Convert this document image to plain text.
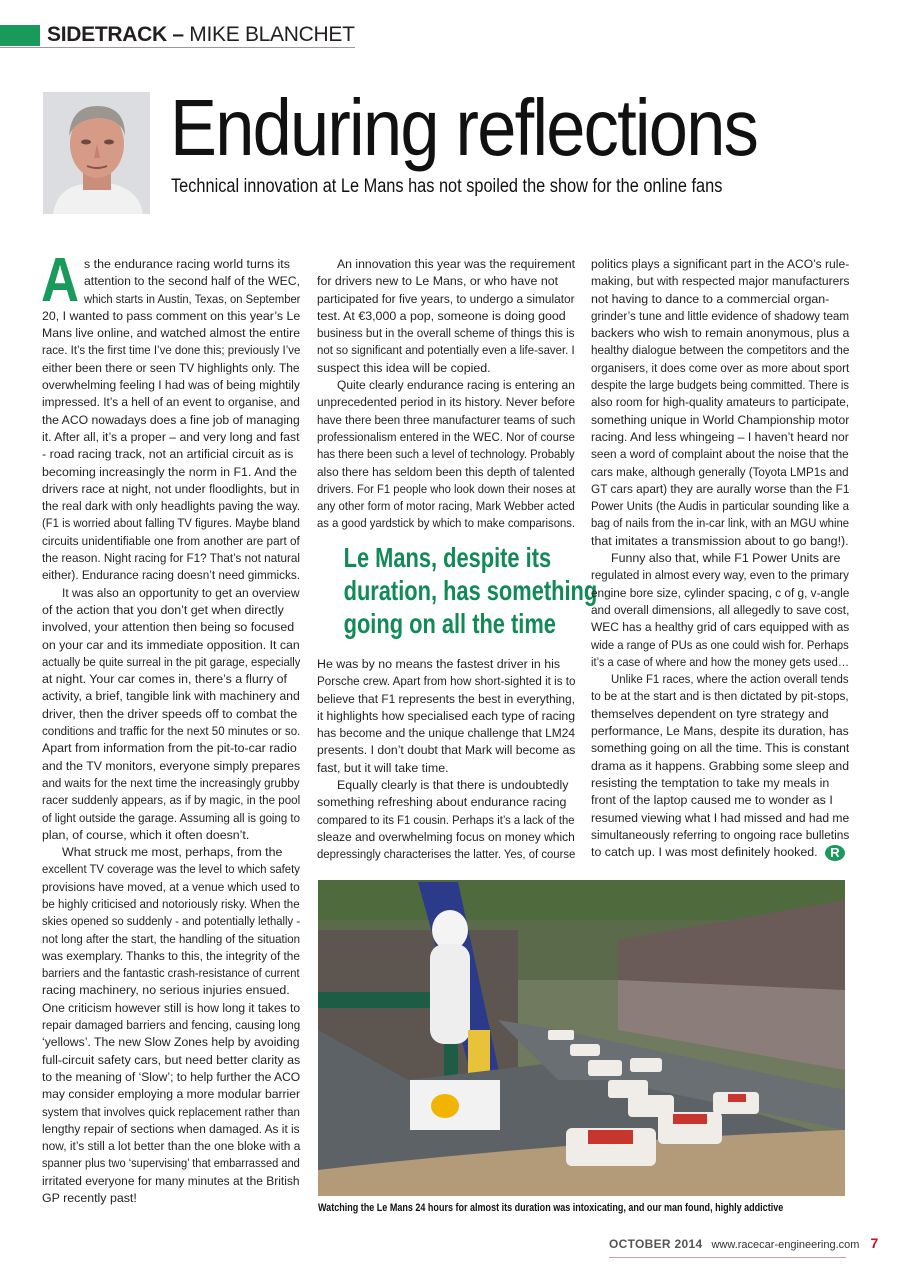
SIDETRACK – MIKE BLANCHET
Enduring reflections
Technical innovation at Le Mans has not spoiled the show for the online fans
A s the endurance racing world turns its
attention to the second half of the WEC,
which starts in Austin, Texas, on September
20, I wanted to pass comment on this year’s Le
Mans live online, and watched almost the entire
race. It’s the first time I’ve done this; previously I’ve
either been there or seen TV highlights only. The
overwhelming feeling I had was of being mightily
impressed. It’s a hell of an event to organise, and
the ACO nowadays does a fine job of managing
it. After all, it’s a proper – and very long and fast
- road racing track, not an artificial circuit as is
becoming increasingly the norm in F1. And the
drivers race at night, not under floodlights, but in
the real dark with only headlights paving the way.
(F1 is worried about falling TV figures. Maybe bland
circuits unidentifiable one from another are part of
the reason. Night racing for F1? That’s not natural
either). Endurance racing doesn’t need gimmicks.
It was also an opportunity to get an overview
of the action that you don’t get when directly
involved, your attention then being so focused
on your car and its immediate opposition. It can
actually be quite surreal in the pit garage, especially
at night. Your car comes in, there’s a flurry of
activity, a brief, tangible link with machinery and
driver, then the driver speeds off to combat the
conditions and traffic for the next 50 minutes or so.
Apart from information from the pit-to-car radio
and the TV monitors, everyone simply prepares
and waits for the next time the increasingly grubby
racer suddenly appears, as if by magic, in the pool
of light outside the garage. Assuming all is going to
plan, of course, which it often doesn’t.
What struck me most, perhaps, from the
excellent TV coverage was the level to which safety
provisions have moved, at a venue which used to
be highly criticised and notoriously risky. When the
skies opened so suddenly - and potentially lethally -
not long after the start, the handling of the situation
was exemplary. Thanks to this, the integrity of the
barriers and the fantastic crash-resistance of current
racing machinery, no serious injuries ensued.
One criticism however still is how long it takes to
repair damaged barriers and fencing, causing long
‘yellows’. The new Slow Zones help by avoiding
full-circuit safety cars, but need better clarity as
to the meaning of ‘Slow’; to help further the ACO
may consider employing a more modular barrier
system that involves quick replacement rather than
lengthy repair of sections when damaged. As it is
now, it’s still a lot better than the one bloke with a
spanner plus two ‘supervising’ that embarrassed and
irritated everyone for many minutes at the British
GP recently past!
An innovation this year was the requirement
for drivers new to Le Mans, or who have not
participated for five years, to undergo a simulator
test. At €3,000 a pop, someone is doing good
business but in the overall scheme of things this is
not so significant and potentially even a life-saver. I
suspect this idea will be copied.
Quite clearly endurance racing is entering an
unprecedented period in its history. Never before
have there been three manufacturer teams of such
professionalism entered in the WEC. Nor of course
has there been such a level of technology. Probably
also there has seldom been this depth of talented
drivers. For F1 people who look down their noses at
any other form of motor racing, Mark Webber acted
as a good yardstick by which to make comparisons.
Le Mans, despite its
duration, has something
going on all the time
He was by no means the fastest driver in his
Porsche crew. Apart from how short-sighted it is to
believe that F1 represents the best in everything,
it highlights how specialised each type of racing
has become and the unique challenge that LM24
presents. I don’t doubt that Mark will become as
fast, but it will take time.
Equally clearly is that there is undoubtedly
something refreshing about endurance racing
compared to its F1 cousin. Perhaps it’s a lack of the
sleaze and overwhelming focus on money which
depressingly characterises the latter. Yes, of course
politics plays a significant part in the ACO’s rule-
making, but with respected major manufacturers
not having to dance to a commercial organ-
grinder’s tune and little evidence of shadowy team
backers who wish to remain anonymous, plus a
healthy dialogue between the competitors and the
organisers, it does come over as more about sport
despite the large budgets being committed. There is
also room for high-quality amateurs to participate,
something unique in World Championship motor
racing. And less whingeing – I haven’t heard nor
seen a word of complaint about the noise that the
cars make, although generally (Toyota LMP1s and
GT cars apart) they are aurally worse than the F1
Power Units (the Audis in particular sounding like a
bag of nails from the in-car link, with an MGU whine
that imitates a transmission about to go bang!).
Funny also that, while F1 Power Units are
regulated in almost every way, even to the primary
engine bore size, cylinder spacing, c of g, v-angle
and overall dimensions, all allegedly to save cost,
WEC has a healthy grid of cars equipped with as
wide a range of PUs as one could wish for. Perhaps
it’s a case of where and how the money gets used…
Unlike F1 races, where the action overall tends
to be at the start and is then dictated by pit-stops,
themselves dependent on tyre strategy and
performance, Le Mans, despite its duration, has
something going on all the time. This is constant
drama as it happens. Grabbing some sleep and
resisting the temptation to take my meals in
front of the laptop caused me to wonder as I
resumed viewing what I had missed and had me
simultaneously referring to ongoing race bulletins
to catch up. I was most definitely hooked. R
Watching the Le Mans 24 hours for almost its duration was intoxicating, and our man found, highly addictive
OCTOBER 2014 www.racecar-engineering.com 7
